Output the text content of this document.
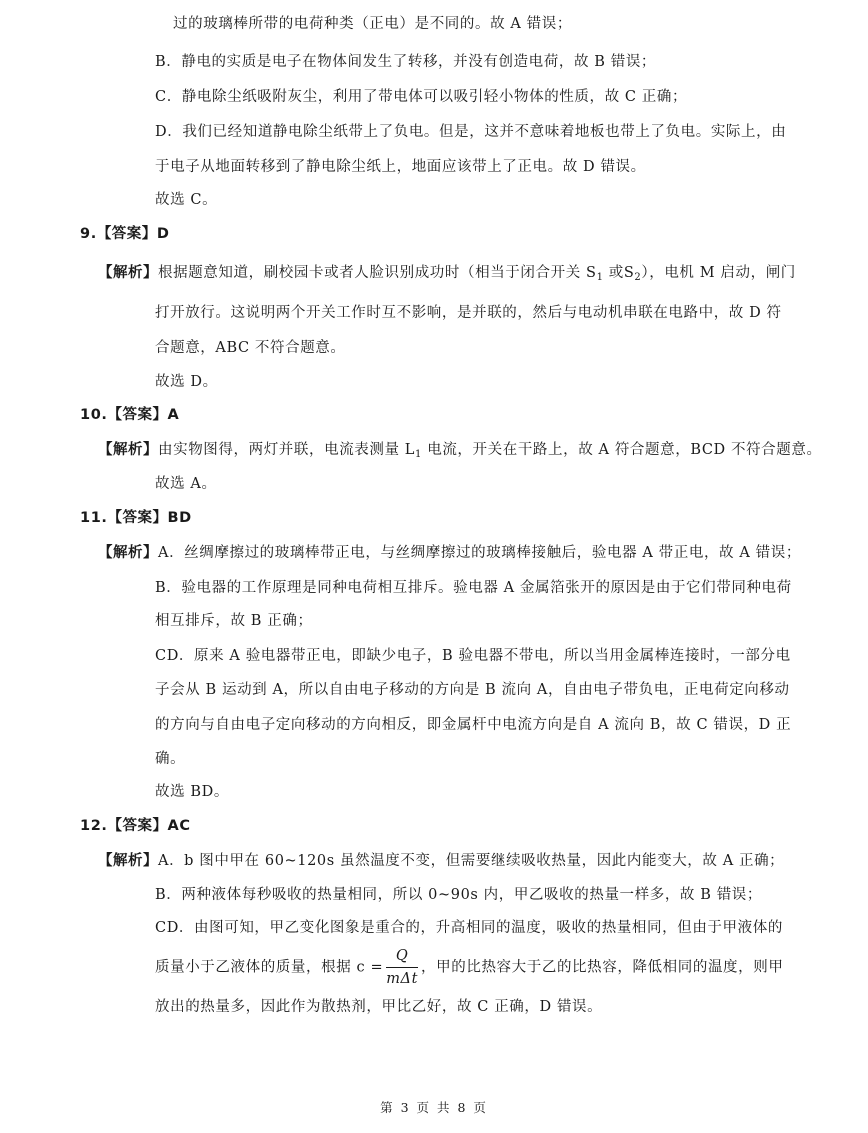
过的玻璃棒所带的电荷种类（正电）是不同的。故 A 错误；
B．静电的实质是电子在物体间发生了转移，并没有创造电荷，故 B 错误；
C．静电除尘纸吸附灰尘，利用了带电体可以吸引轻小物体的性质，故 C 正确；
D．我们已经知道静电除尘纸带上了负电。但是，这并不意味着地板也带上了负电。实际上，由
于电子从地面转移到了静电除尘纸上，地面应该带上了正电。故 D 错误。
故选 C。
9.【答案】D
【解析】根据题意知道，刷校园卡或者人脸识别成功时（相当于闭合开关 $S_1$ 或$S_2$），电机 M 启动，闸门
打开放行。这说明两个开关工作时互不影响，是并联的，然后与电动机串联在电路中，故 D 符
合题意，ABC 不符合题意。
故选 D。
10.【答案】A
【解析】由实物图得，两灯并联，电流表测量 $L_1$ 电流，开关在干路上，故 A 符合题意，BCD 不符合题意。
故选 A。
11.【答案】BD
【解析】A．丝绸摩擦过的玻璃棒带正电，与丝绸摩擦过的玻璃棒接触后，验电器 A 带正电，故 A 错误；
B．验电器的工作原理是同种电荷相互排斥。验电器 A 金属箔张开的原因是由于它们带同种电荷
相互排斥，故 B 正确；
CD．原来 A 验电器带正电，即缺少电子，B 验电器不带电，所以当用金属棒连接时，一部分电
子会从 B 运动到 A，所以自由电子移动的方向是 B 流向 A，自由电子带负电，正电荷定向移动
的方向与自由电子定向移动的方向相反，即金属杆中电流方向是自 A 流向 B，故 C 错误，D 正
确。
故选 BD。
12.【答案】AC
【解析】A．b 图中甲在 60~120s 虽然温度不变，但需要继续吸收热量，因此内能变大，故 A 正确；
B．两种液体每秒吸收的热量相同，所以 0~90s 内，甲乙吸收的热量一样多，故 B 错误；
CD．由图可知，甲乙变化图象是重合的，升高相同的温度，吸收的热量相同，但由于甲液体的
质量小于乙液体的质量，根据 $c = \frac{Q}{\text{mΔt}}$ ，甲的比热容大于乙的比热容，降低相同的温度，则甲
放出的热量多，因此作为散热剂，甲比乙好，故 C 正确，D 错误。
第 3 页 共 8 页
